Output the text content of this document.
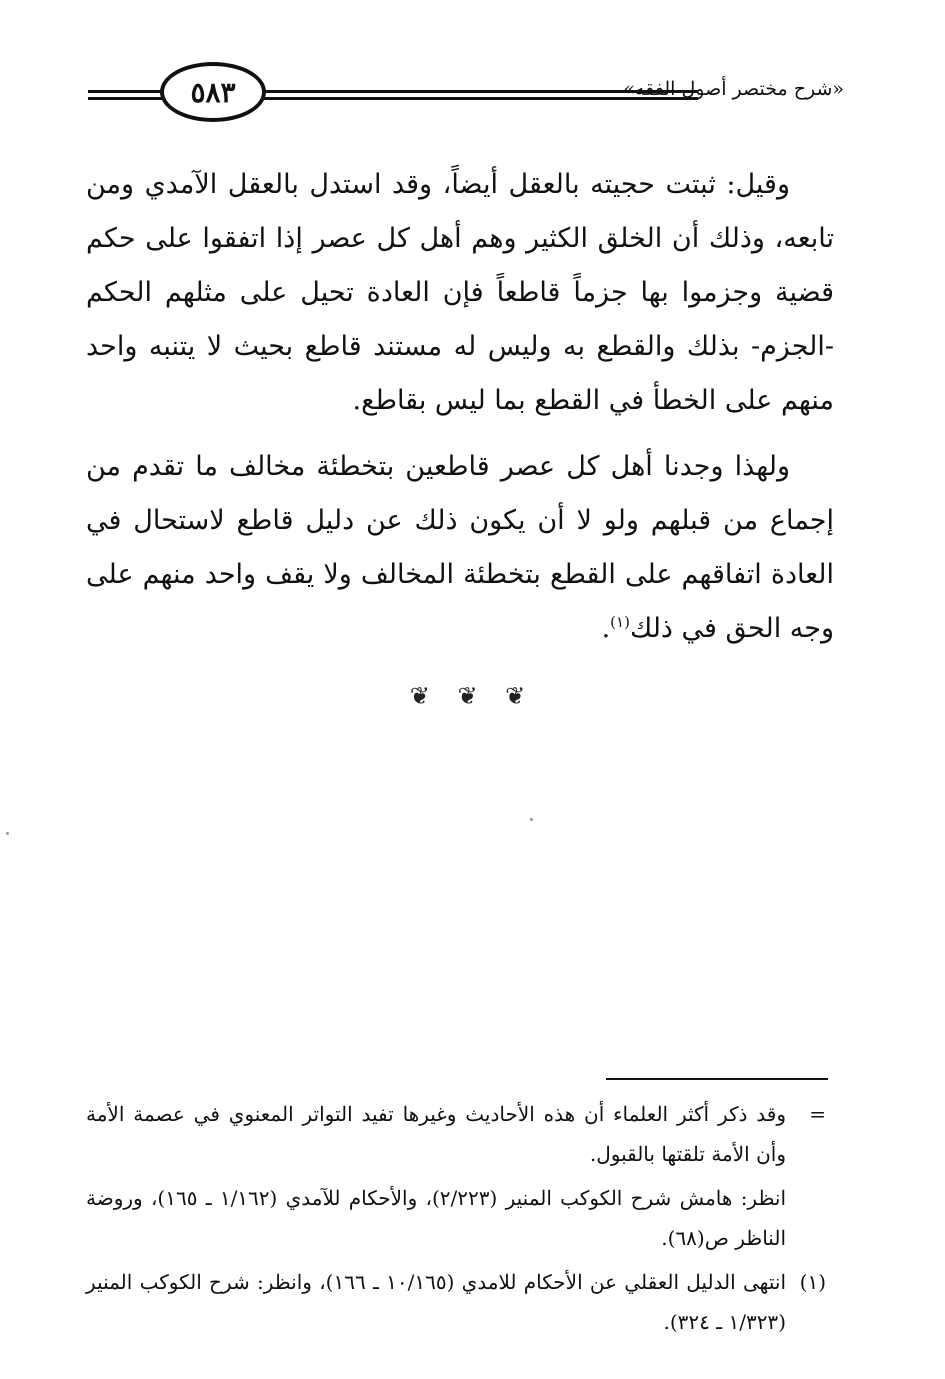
٥٨٣	«شرح مختصر أصول الفقه»

وقيل: ثبتت حجيته بالعقل أيضاً، وقد استدل بالعقل الآمدي ومن تابعه، وذلك أن الخلق الكثير وهم أهل كل عصر إذا اتفقوا على حكم قضية وجزموا بها جزماً قاطعاً فإن العادة تحيل على مثلهم الحكم -الجزم- بذلك والقطع به وليس له مستند قاطع بحيث لا يتنبه واحد منهم على الخطأ في القطع بما ليس بقاطع.

ولهذا وجدنا أهل كل عصر قاطعين بتخطئة مخالف ما تقدم من إجماع من قبلهم ولو لا أن يكون ذلك عن دليل قاطع لاستحال في العادة اتفاقهم على القطع بتخطئة المخالف ولا يقف واحد منهم على وجه الحق في ذلك$^{(١)}$.

❦ ❦ ❦
=
وقد ذكر أكثر العلماء أن هذه الأحاديث وغيرها تفيد التواتر المعنوي في عصمة الأمة وأن الأمة تلقتها بالقبول.
انظر: هامش شرح الكوكب المنير (٢/٢٢٣)، والأحكام للآمدي (١/١٦٢ ـ ١٦٥)، وروضة الناظر ص(٦٨).
(١)
انتهى الدليل العقلي عن الأحكام للامدي (١٠/١٦٥ ـ ١٦٦)، وانظر: شرح الكوكب المنير (١/٣٢٣ ـ ٣٢٤).
